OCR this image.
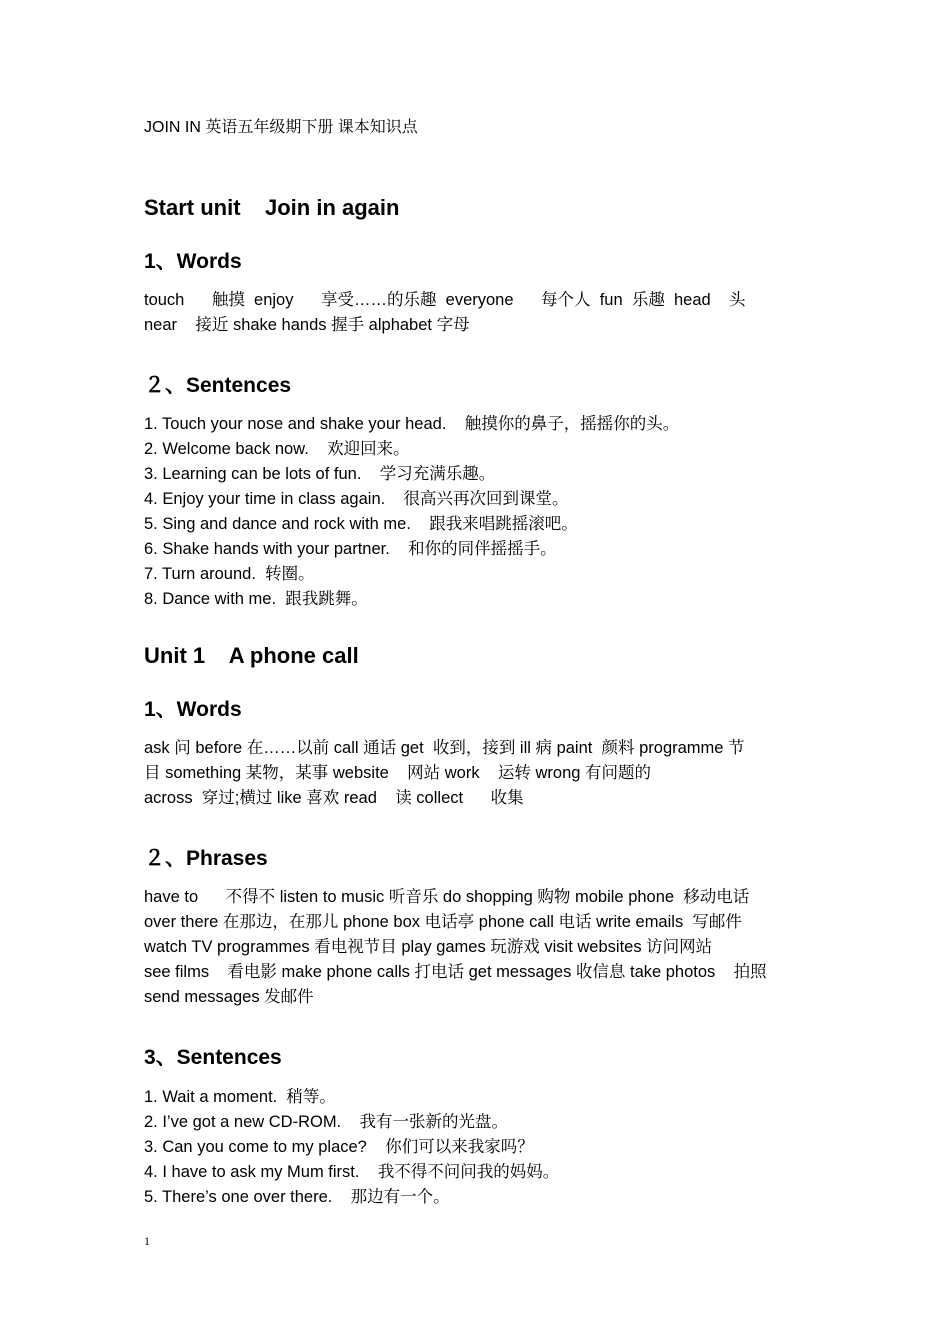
JOIN IN 英语五年级期下册 课本知识点
Start unit    Join in again
1、Words
touch      触摸  enjoy      享受……的乐趣  everyone      每个人  fun  乐趣  head    头
near    接近 shake hands 握手 alphabet 字母
２、Sentences
1. Touch your nose and shake your head.    触摸你的鼻子，摇摇你的头。
2. Welcome back now.    欢迎回来。
3. Learning can be lots of fun.    学习充满乐趣。
4. Enjoy your time in class again.    很高兴再次回到课堂。
5. Sing and dance and rock with me.    跟我来唱跳摇滚吧。
6. Shake hands with your partner.    和你的同伴摇摇手。
7. Turn around.  转圈。
8. Dance with me.  跟我跳舞。
Unit 1    A phone call
1、Words
ask 问 before 在……以前 call 通话 get  收到，接到 ill 病 paint  颜料 programme 节
目 something 某物，某事 website    网站 work    运转 wrong 有问题的
across  穿过;横过 like 喜欢 read    读 collect      收集
２、Phrases
have to      不得不 listen to music 听音乐 do shopping 购物 mobile phone  移动电话
over there 在那边，在那儿 phone box 电话亭 phone call 电话 write emails  写邮件
watch TV programmes 看电视节目 play games 玩游戏 visit websites 访问网站
see films    看电影 make phone calls 打电话 get messages 收信息 take photos    拍照
send messages 发邮件
3、Sentences
1. Wait a moment.  稍等。
2. I’ve got a new CD-ROM.    我有一张新的光盘。
3. Can you come to my place?    你们可以来我家吗？
4. I have to ask my Mum first.    我不得不问问我的妈妈。
5. There’s one over there.    那边有一个。
1
